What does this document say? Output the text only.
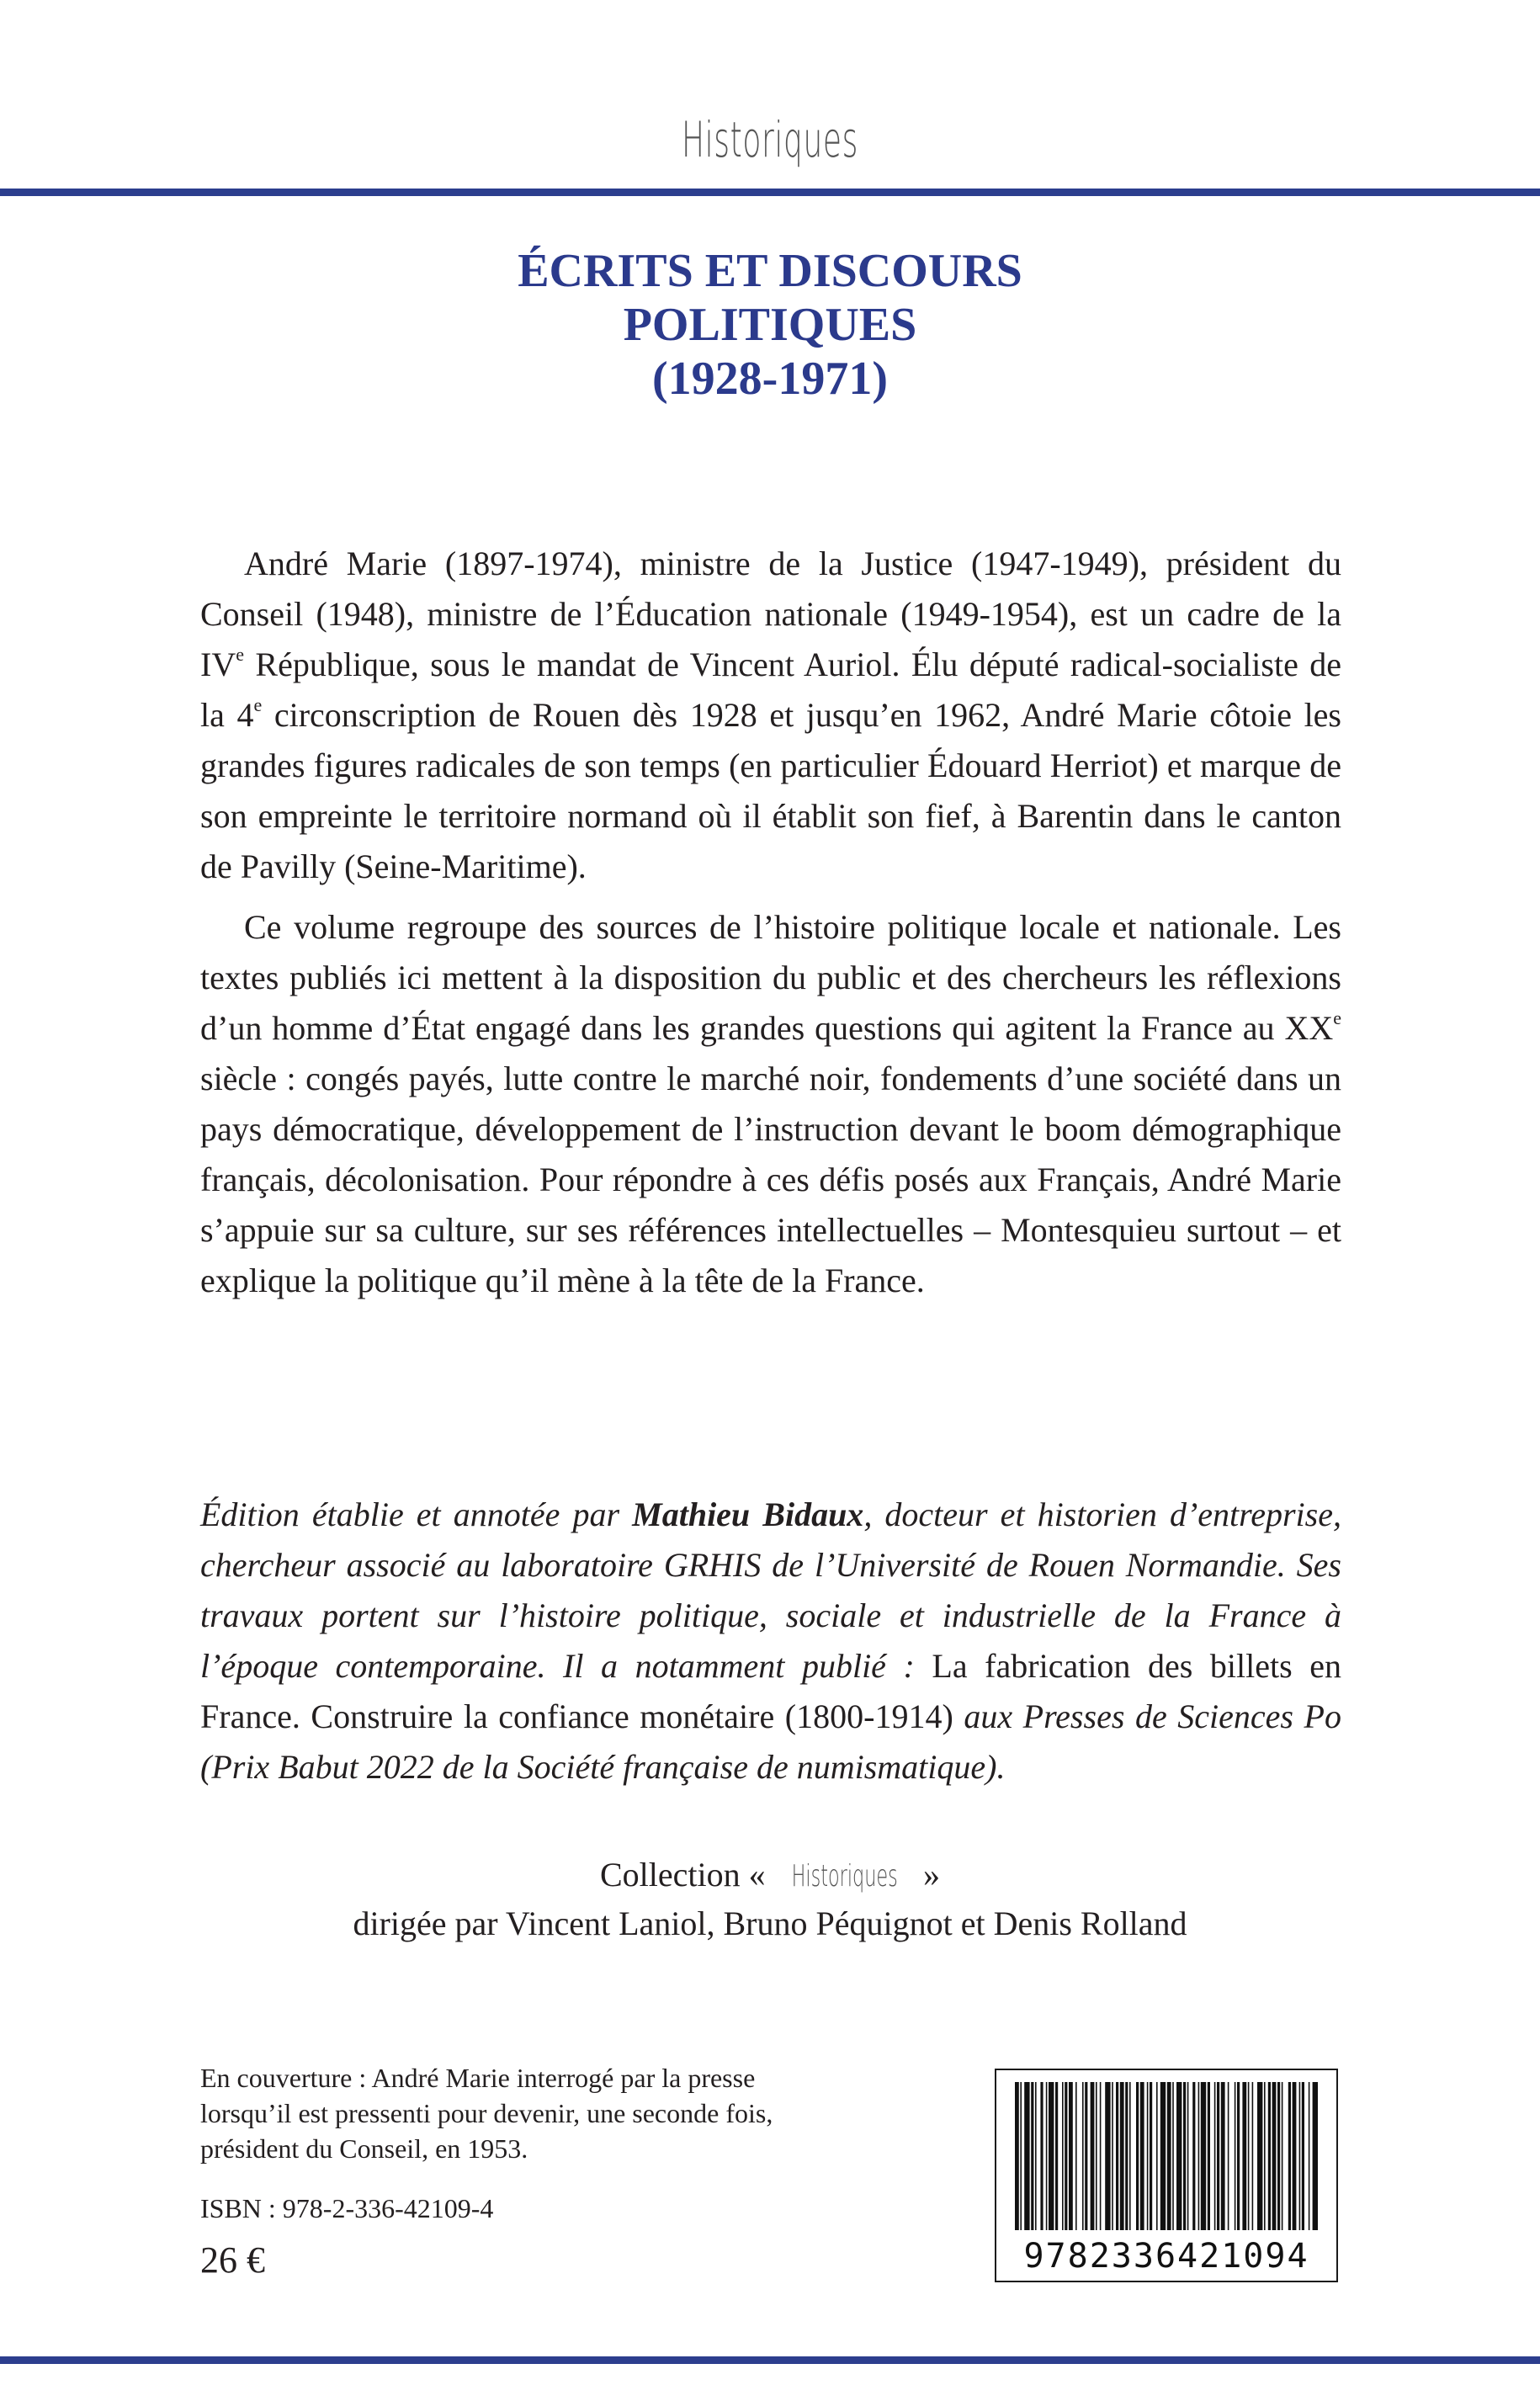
Historiques
ÉCRITS ET DISCOURS
POLITIQUES
(1928-1971)

André Marie (1897-1974), ministre de la Justice (1947-1949), président du Conseil (1948), ministre de l’Éducation nationale (1949-1954), est un cadre de la IVe République, sous le mandat de Vincent Auriol. Élu député radical-socialiste de la 4e circonscription de Rouen dès 1928 et jusqu’en 1962, André Marie côtoie les grandes figures radicales de son temps (en particulier Édouard Herriot) et marque de son empreinte le territoire normand où il établit son fief, à Barentin dans le canton de Pavilly (Seine-Maritime).

Ce volume regroupe des sources de l’histoire politique locale et nationale. Les textes publiés ici mettent à la disposition du public et des chercheurs les réflexions d’un homme d’État engagé dans les grandes questions qui agitent la France au XXe siècle : congés payés, lutte contre le marché noir, fondements d’une société dans un pays démocratique, développement de l’instruction devant le boom démographique français, décolonisation. Pour répondre à ces défis posés aux Français, André Marie s’appuie sur sa culture, sur ses références intellectuelles – Montesquieu surtout – et explique la politique qu’il mène à la tête de la France.

Édition établie et annotée par Mathieu Bidaux, docteur et historien d’entreprise, chercheur associé au laboratoire GRHIS de l’Université de Rouen Normandie. Ses travaux portent sur l’histoire politique, sociale et industrielle de la France à l’époque contemporaine. Il a notamment publié : La fabrication des billets en France. Construire la confiance monétaire (1800-1914) aux Presses de Sciences Po (Prix Babut 2022 de la Société française de numismatique).
Collection « Historiques »
dirigée par Vincent Laniol, Bruno Péquignot et Denis Rolland
En couverture : André Marie interrogé par la presse lorsqu’il est pressenti pour devenir, une seconde fois, président du Conseil, en 1953.
ISBN : 978-2-336-42109-4
26 €	9782336421094
